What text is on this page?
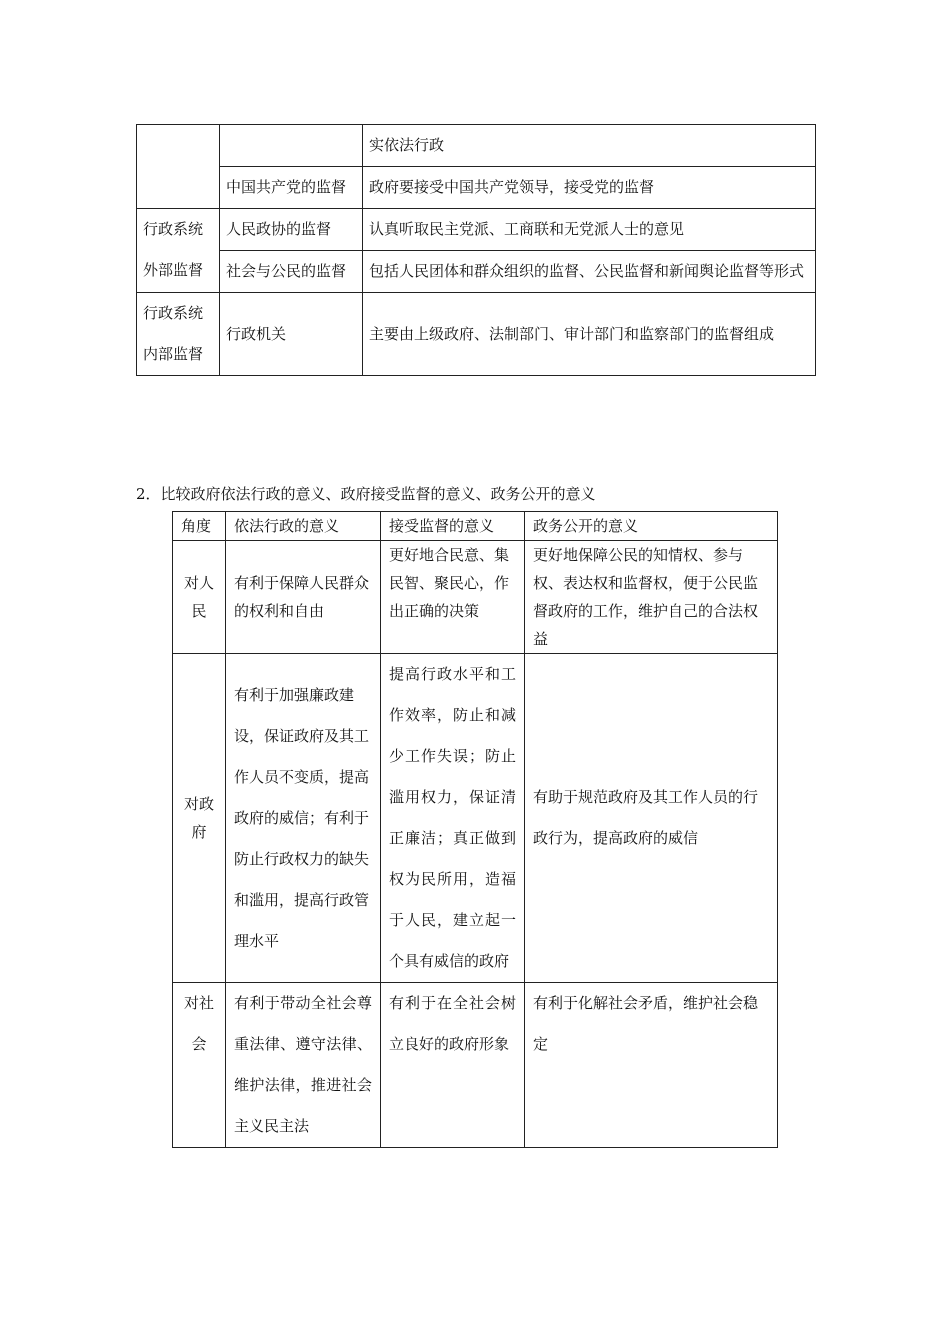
		实依法行政
	中国共产党的监督	政府要接受中国共产党领导，接受党的监督
行政系统外部监督	人民政协的监督	认真听取民主党派、工商联和无党派人士的意见
	社会与公民的监督	包括人民团体和群众组织的监督、公民监督和新闻舆论监督等形式
行政系统内部监督	行政机关	主要由上级政府、法制部门、审计部门和监察部门的监督组成
2．比较政府依法行政的意义、政府接受监督的意义、政务公开的意义
角度	依法行政的意义	接受监督的意义	政务公开的意义
对人民	有利于保障人民群众的权利和自由	更好地合民意、集民智、聚民心，作出正确的决策	更好地保障公民的知情权、参与权、表达权和监督权，便于公民监督政府的工作，维护自己的合法权益
对政府	有利于加强廉政建设，保证政府及其工作人员不变质，提高政府的威信；有利于防止行政权力的缺失和滥用，提高行政管理水平	提高行政水平和工作效率，防止和减少工作失误；防止滥用权力，保证清正廉洁；真正做到权为民所用，造福于人民，建立起一个具有威信的政府	有助于规范政府及其工作人员的行政行为，提高政府的威信
对社会	有利于带动全社会尊重法律、遵守法律、维护法律，推进社会主义民主法	有利于在全社会树立良好的政府形象	有利于化解社会矛盾，维护社会稳定
